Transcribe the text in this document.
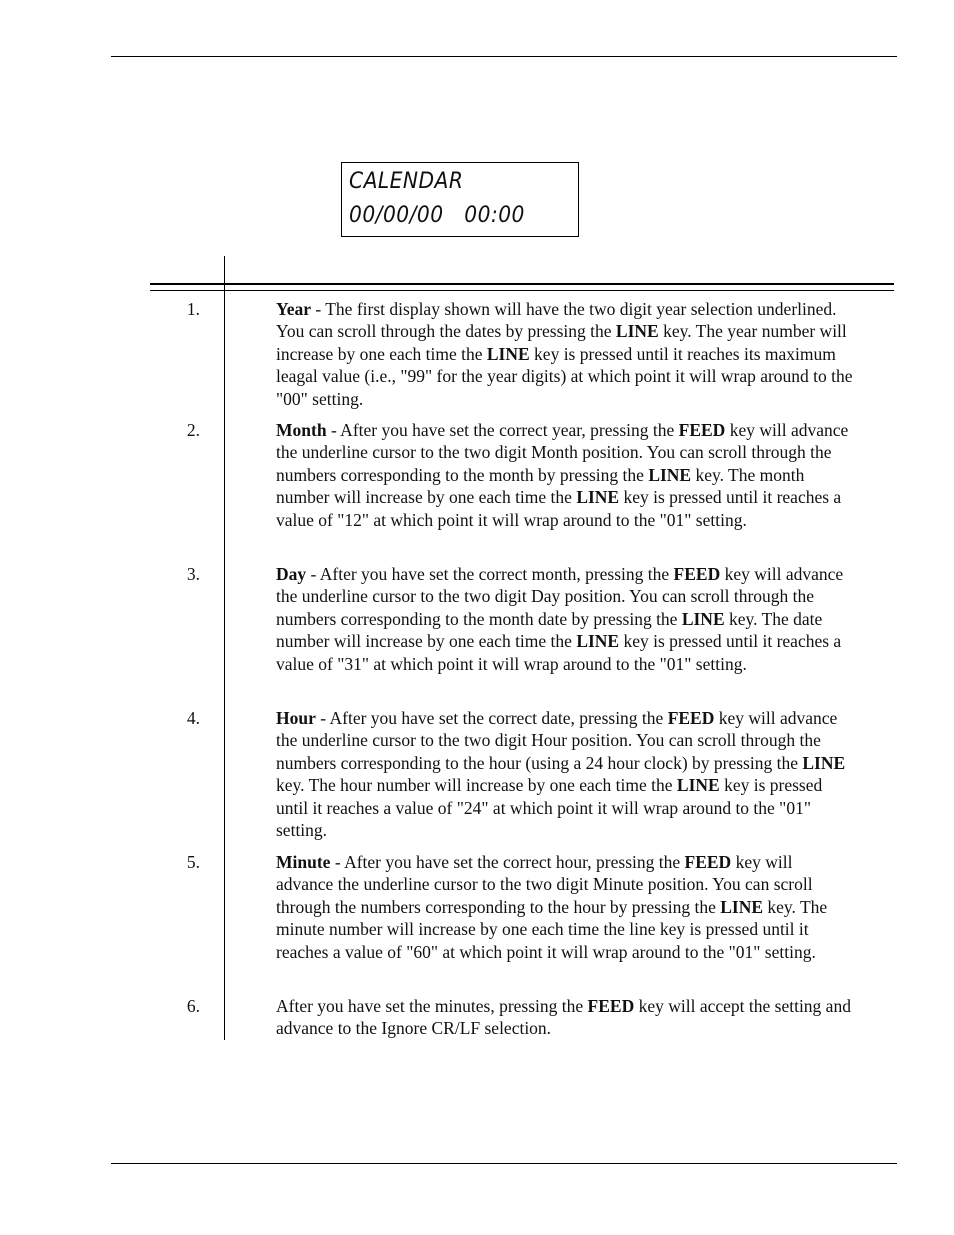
CALENDAR
00/00/00   00:00
1.	Year - The first display shown will have the two digit year selection underlined. You can scroll through the dates by pressing the LINE key. The year number will increase by one each time the LINE key is pressed until it reaches its maximum leagal value (i.e., "99" for the year digits) at which point it will wrap around to the "00" setting.
2.	Month - After you have set the correct year, pressing the FEED key will advance the underline cursor to the two digit Month position. You can scroll through the numbers corresponding to the month by pressing the LINE key. The month number will increase by one each time the LINE key is pressed until it reaches a value of "12" at which point it will wrap around to the "01" setting.
3.	Day - After you have set the correct month, pressing the FEED key will advance the underline cursor to the two digit Day position. You can scroll through the numbers corresponding to the month date by pressing the LINE key. The date number will increase by one each time the LINE key is pressed until it reaches a value of "31" at which point it will wrap around to the "01" setting.
4.	Hour - After you have set the correct date, pressing the FEED key will advance the underline cursor to the two digit Hour position. You can scroll through the numbers corresponding to the hour (using a 24 hour clock) by pressing the LINE key. The hour number will increase by one each time the LINE key is pressed until it reaches a value of "24" at which point it will wrap around to the "01" setting.
5.	Minute - After you have set the correct hour, pressing the FEED key will advance the underline cursor to the two digit Minute position. You can scroll through the numbers corresponding to the hour by pressing the LINE key. The minute number will increase by one each time the line key is pressed until it reaches a value of "60" at which point it will wrap around to the "01" setting.
6.	After you have set the minutes, pressing the FEED key will accept the setting and advance to the Ignore CR/LF selection.
